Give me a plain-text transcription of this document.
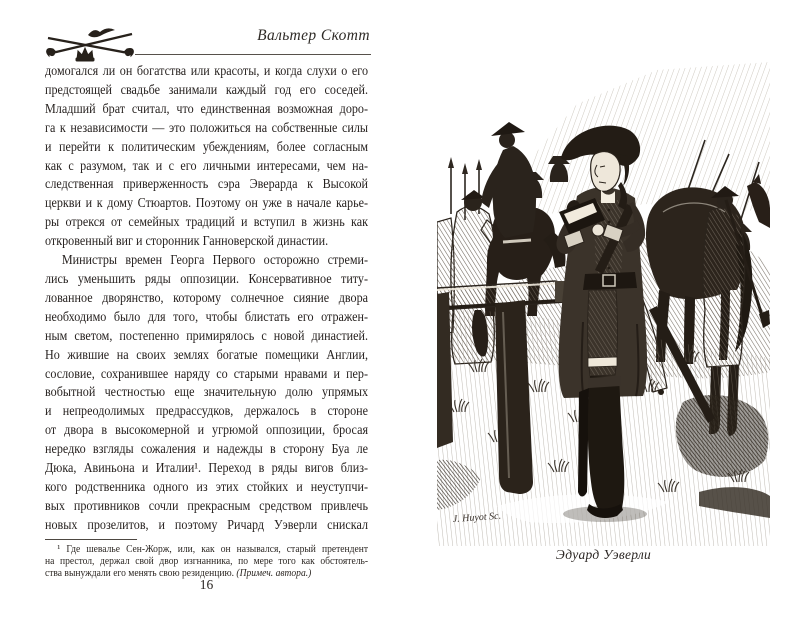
Вальтер Скотт
домогался ли он богатства или красоты, и когда слухи о его
предстоящей свадьбе занимали каждый год его соседей.
Младший брат считал, что единственная возможная доро-
га к независимости — это положиться на собственные силы
и перейти к политическим убеждениям, более согласным
как с разумом, так и с его личными интересами, чем на-
следственная приверженность сэра Эверарда к Высокой
церкви и к дому Стюартов. Поэтому он уже в начале карье-
ры отрекся от семейных традиций и вступил в жизнь как
откровенный виг и сторонник Ганноверской династии.
Министры времен Георга Первого осторожно стреми-
лись уменьшить ряды оппозиции. Консервативное титу-
лованное дворянство, которому солнечное сияние двора
необходимо было для того, чтобы блистать его отражен-
ным светом, постепенно примирялось с новой династией.
Но жившие на своих землях богатые помещики Англии,
сословие, сохранившее наряду со старыми нравами и пер-
вобытной честностью еще значительную долю упрямых
и непреодолимых предрассудков, держалось в стороне
от двора в высокомерной и угрюмой оппозиции, бросая
нередко взгляды сожаления и надежды в сторону Буа ле
Дюка, Авиньона и Италии¹. Переход в ряды вигов близ-
кого родственника одного из этих стойких и неуступчи-
вых противников сочли прекрасным средством привлечь
новых прозелитов, и поэтому Ричард Уэверли снискал
¹ Где шевалье Сен-Жорж, или, как он назывался, старый претендент
на престол, держал свой двор изгнанника, по мере того как обстоятель-
ства вынуждали его менять свою резиденцию. (Примеч. автора.)
16
J. Huyot Sc.
Эдуард Уэверли
